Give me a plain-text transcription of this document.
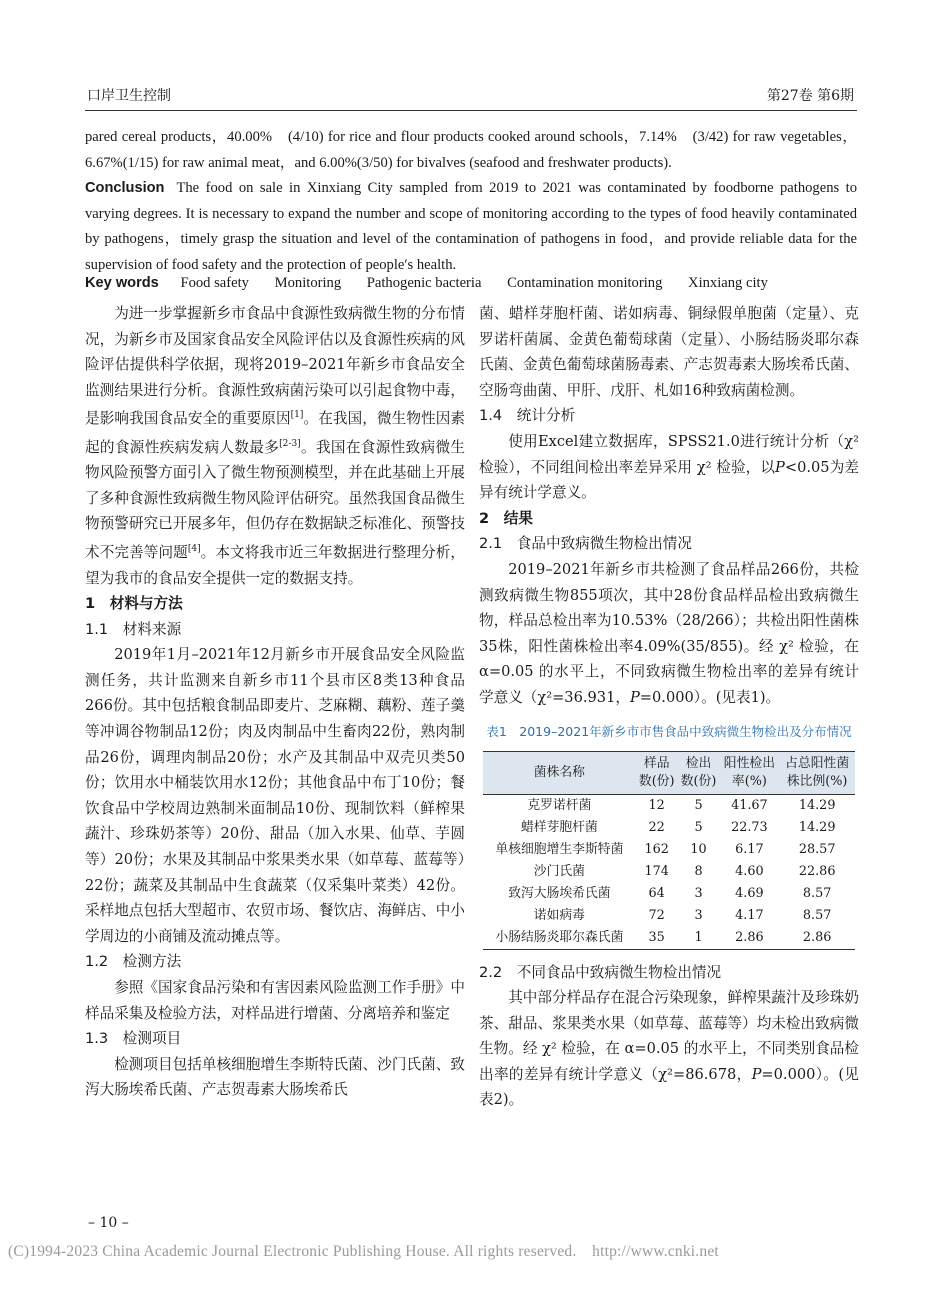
口岸卫生控制	第27卷 第6期

pared cereal products，40.00%　(4/10) for rice and flour products cooked around schools，7.14%　(3/42) for raw vegetables，6.67%(1/15) for raw animal meat，and 6.00%(3/50) for bivalves (seafood and freshwater products).

Conclusion The food on sale in Xinxiang City sampled from 2019 to 2021 was contaminated by foodborne pathogens to varying degrees. It is necessary to expand the number and scope of monitoring according to the types of food heavily contaminated by pathogens，timely grasp the situation and level of the contamination of pathogens in food，and provide reliable data for the supervision of food safety and the protection of people′s health.

Key words Food safety Monitoring Pathogenic bacteria Contamination monitoring Xinxiang city

为进一步掌握新乡市食品中食源性致病微生物的分布情况，为新乡市及国家食品安全风险评估以及食源性疾病的风险评估提供科学依据，现将2019–2021年新乡市食品安全监测结果进行分析。食源性致病菌污染可以引起食物中毒，是影响我国食品安全的重要原因[1]。在我国，微生物性因素起的食源性疾病发病人数最多[2-3]。我国在食源性致病微生物风险预警方面引入了微生物预测模型，并在此基础上开展了多种食源性致病微生物风险评估研究。虽然我国食品微生物预警研究已开展多年，但仍存在数据缺乏标准化、预警技术不完善等问题[4]。本文将我市近三年数据进行整理分析，望为我市的食品安全提供一定的数据支持。

1　材料与方法

1.1　材料来源

2019年1月–2021年12月新乡市开展食品安全风险监测任务，共计监测来自新乡市11个县市区8类13种食品266份。其中包括粮食制品即麦片、芝麻糊、藕粉、莲子羹等冲调谷物制品12份；肉及肉制品中生畜肉22份，熟肉制品26份，调理肉制品20份；水产及其制品中双壳贝类50份；饮用水中桶装饮用水12份；其他食品中布丁10份；餐饮食品中学校周边熟制米面制品10份、现制饮料（鲜榨果蔬汁、珍珠奶茶等）20份、甜品（加入水果、仙草、芋圆等）20份；水果及其制品中浆果类水果（如草莓、蓝莓等）22份；蔬菜及其制品中生食蔬菜（仅采集叶菜类）42份。采样地点包括大型超市、农贸市场、餐饮店、海鲜店、中小学周边的小商铺及流动摊点等。

1.2　检测方法

参照《国家食品污染和有害因素风险监测工作手册》中样品采集及检验方法，对样品进行增菌、分离培养和鉴定

1.3　检测项目

检测项目包括单核细胞增生李斯特氏菌、沙门氏菌、致泻大肠埃希氏菌、产志贺毒素大肠埃希氏

菌、蜡样芽胞杆菌、诺如病毒、铜绿假单胞菌（定量）、克罗诺杆菌属、金黄色葡萄球菌（定量）、小肠结肠炎耶尔森氏菌、金黄色葡萄球菌肠毒素、产志贺毒素大肠埃希氏菌、空肠弯曲菌、甲肝、戊肝、札如16种致病菌检测。

1.4　统计分析

使用Excel建立数据库，SPSS21.0进行统计分析（χ² 检验），不同组间检出率差异采用 χ² 检验，以P<0.05为差异有统计学意义。

2　结果

2.1　食品中致病微生物检出情况

2019–2021年新乡市共检测了食品样品266份，共检测致病微生物855项次，其中28份食品样品检出致病微生物，样品总检出率为10.53%（28/266）；共检出阳性菌株35株，阳性菌株检出率4.09%(35/855)。经 χ² 检验，在 α=0.05 的水平上，不同致病微生物检出率的差异有统计学意义（χ²=36.931，P=0.000）。(见表1)。

表1　2019–2021年新乡市市售食品中致病微生物检出及分布情况
菌株名称	样品数(份)	检出数(份)	阳性检出率(%)	占总阳性菌株比例(%)
克罗诺杆菌	12	5	41.67	14.29
蜡样芽胞杆菌	22	5	22.73	14.29
单核细胞增生李斯特菌	162	10	6.17	28.57
沙门氏菌	174	8	4.60	22.86
致泻大肠埃希氏菌	64	3	4.69	8.57
诺如病毒	72	3	4.17	8.57
小肠结肠炎耶尔森氏菌	35	1	2.86	2.86

2.2　不同食品中致病微生物检出情况

其中部分样品存在混合污染现象，鲜榨果蔬汁及珍珠奶茶、甜品、浆果类水果（如草莓、蓝莓等）均未检出致病微生物。经 χ² 检验，在 α=0.05 的水平上，不同类别食品检出率的差异有统计学意义（χ²=86.678，P=0.000）。(见表2)。

– 10 –
(C)1994-2023 China Academic Journal Electronic Publishing House. All rights reserved.　http://www.cnki.net
